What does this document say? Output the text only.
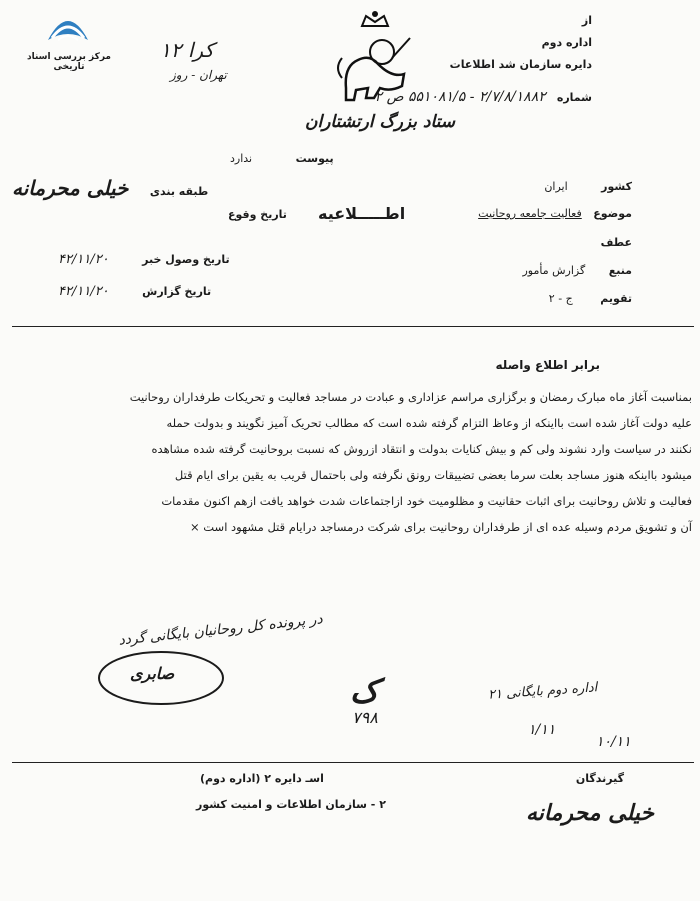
مرکز بررسی اسناد تاریخی
کرا ۱۲
تهران - روز
ستاد بزرگ ارتشتاران
از
اداره دوم
دایره سازمان شد اطلاعات
شماره ۲/۷/۸/۱۸۸۲ - ۵۵۱۰۸۱/۵ ص ۲
پیوست ندارد
طبقه بندی خیلی محرمانه
تاریخ وقوع
تاریخ وصول خبر ۴۲/۱۱/۲۰
تاریخ گزارش ۴۲/۱۱/۲۰
اطـــــلاعیه
کشور ایران
موضوع فعالیت جامعه روحانیت
عطف
منبع گزارش مأمور
تقویم ج - ۲
برابر اطلاع واصله
بمناسبت آغاز ماه مبارک رمضان و برگزاری مراسم عزاداری و عبادت در مساجد فعالیت و تحریکات طرفداران روحانیت
علیه دولت آغاز شده است بااینکه از وعاظ التزام گرفته شده است که مطالب تحریک آمیز نگویند و بدولت حمله
نکنند در سیاست وارد نشوند ولی کم و بیش کنایات بدولت و انتقاد ازروش که نسبت بروحانیت گرفته شده مشاهده
میشود بااینکه هنوز مساجد بعلت سرما بعضی تضییقات رونق نگرفته ولی باحتمال قریب به یقین برای ایام قتل
فعالیت و تلاش روحانیت برای اثبات حقانیت و مظلومیت خود ازاجتماعات شدت خواهد یافت ازهم اکنون مقدمات
آن و تشویق مردم وسیله عده ای از طرفداران روحانیت برای شرکت درمساجد درایام قتل مشهود است ×
در پرونده کل روحانیان بایگانی گردد
صابری	ک
۷۹۸
اداره دوم بایگانی ۲۱
۱/۱۱
۱۰/۱۱
گیرندگان
اسـ دایره ۲ (اداره دوم)
۲ - سازمان اطلاعات و امنیت کشور	خیلی محرمانه
